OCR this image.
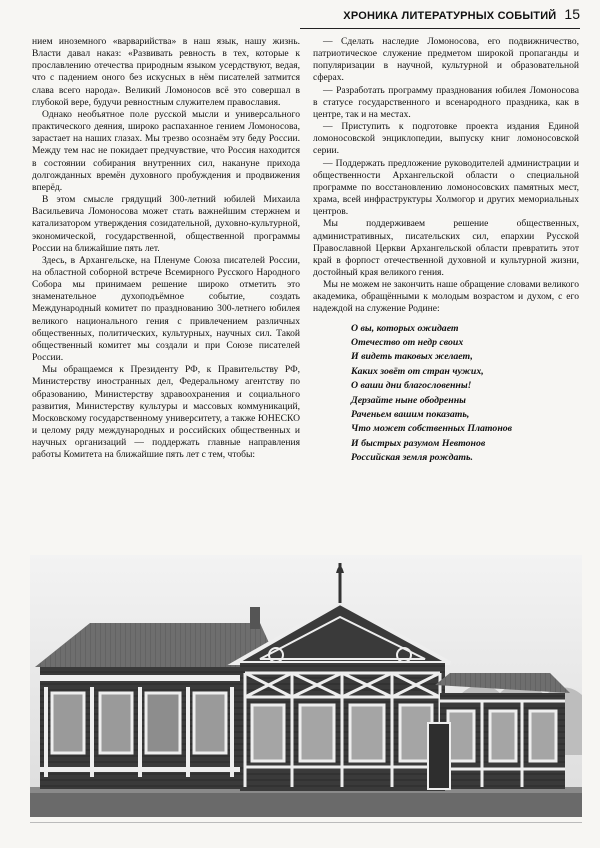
ХРОНИКА ЛИТЕРАТУРНЫХ СОБЫТИЙ 15

нием иноземного «варварийства» в наш язык, нашу жизнь. Власти давал наказ: «Развивать ревность в тех, которые к прославлению отечества природным языком усердствуют, ведая, что с падением оного без искусных в нём писателей затмится слава всего народа». Великий Ломоносов всё это совершал в глубокой вере, будучи ревностным служителем православия.

Однако необъятное поле русской мысли и универсального практического деяния, широко распаханное гением Ломоносова, зарастает на наших глазах. Мы трезво осознаём эту беду России. Между тем нас не покидает предчувствие, что Россия находится в состоянии собирания внутренних сил, накануне прихода долгожданных времён духовного пробуждения и продвижения вперёд.

В этом смысле грядущий 300-летний юбилей Михаила Васильевича Ломоносова может стать важнейшим стержнем и катализатором утверждения созидательной, духовно-культурной, экономической, государственной, общественной программы России на ближайшие пять лет.

Здесь, в Архангельске, на Пленуме Союза писателей России, на областной соборной встрече Всемирного Русского Народного Собора мы принимаем решение широко отметить это знаменательное духоподъёмное событие, создать Международный комитет по празднованию 300-летнего юбилея великого национального гения с привлечением различных общественных, политических, культурных, научных сил. Такой общественный комитет мы создали и при Союзе писателей России.

Мы обращаемся к Президенту РФ, к Правительству РФ, Министерству иностранных дел, Федеральному агентству по образованию, Министерству здравоохранения и социального развития, Министерству культуры и массовых коммуникаций, Московскому государственному университету, а также ЮНЕСКО и целому ряду международных и российских общественных и научных организаций — поддержать главные направления работы Комитета на ближайшие пять лет с тем, чтобы:

— Сделать наследие Ломоносова, его подвижничество, патриотическое служение предметом широкой пропаганды и популяризации в научной, культурной и образовательной сферах.

— Разработать программу празднования юбилея Ломоносова в статусе государственного и всенародного праздника, как в центре, так и на местах.

— Приступить к подготовке проекта издания Единой ломоносовской энциклопедии, выпуску книг ломоносовской серии.

— Поддержать предложение руководителей администрации и общественности Архангельской области о специальной программе по восстановлению ломоносовских памятных мест, храма, всей инфраструктуры Холмогор и других мемориальных центров.

Мы поддерживаем решение общественных, административных, писательских сил, епархии Русской Православной Церкви Архангельской области превратить этот край в форпост отечественной духовной и культурной жизни, достойный края великого гения.

Мы не можем не закончить наше обращение словами великого академика, обращёнными к молодым возрастом и духом, с его надеждой на служение Родине:

О вы, которых ожидает
Отечество от недр своих
И видеть таковых желает,
Каких зовёт от стран чужих,
О ваши дни благословенны!
Дерзайте ныне ободренны
Раченьем вашим показать,
Что может собственных Платонов
И быстрых разумом Невтонов
Российская земля рождать.
